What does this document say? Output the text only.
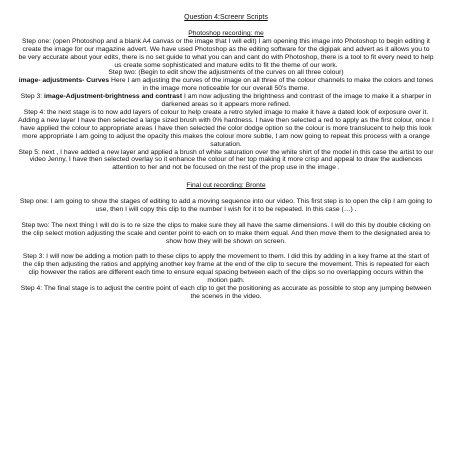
Question 4:Screenr Scripts
Photoshop recording: me

Step one: (open Photoshop and a blank A4 canvas or the image that I will edit) I am opening this image into Photoshop to begin editing it create the image for our magazine advert. We have used Photoshop as the editing software for the digipak and advert as it allows you to be very accurate about your edits, there is no set guide to what you can and cant do with Photoshop, there is a tool to fit every need to help us create some sophisticated and mature edits to fit the theme of our work.

Step two: (Begin to edit show the adjustments of the curves on all three colour)
image- adjustments- Curves Here I am adjusting the curves of the image on all three of the colour channels to make the colors and tones in the image more noticeable for our overall 50's theme.

Step 3: image-Adjustment-brightness and contrast I am now adjusting the brightness and contrast of the image to make it a sharper in darkened areas so it appears more refined.

Step 4: the next stage is to now add layers of colour to help create a retro styled image to make it have a dated look of exposure over it. Adding a new layer I have then selected a large sized brush with 0% hardness. I have then selected a red to apply as the first colour, once I have applied the colour to appropriate areas I have then selected the color dodge option so the colour is more translucent to help this look more appropriate I am going to adjust the opacity this makes the colour more subtle, I am now going to repeat this process with a orange saturation.

Step 5: next , I have added a new layer and applied a brush of white saturation over the white shirt of the model in this case the artist to our video Jenny, I have then selected overlay so it enhance the colour of her top making it more crisp and appeal to draw the audiences attention to her and not be focused on the rest of the prop use in the image .

Final cut recording: Bronte

Step one: I am going to show the stages of editing to add a moving sequence into our video. This first step is to open the clip I am going to use, then I will copy this clip to the number I wish for it to be repeated. In this case (…) .

Step two: The next thing I will do is to re size the clips to make sure they all have the same dimensions. I will do this by double clicking on the clip select motion adjusting the scale and center point to each on to make them equal. And then move them to the designated area to show how they will be shown on screen.

Step 3: I will now be adding a motion path to these clips to apply the movement to them. I did this by adding in a key frame at the start of the clip then adjusting the ratios and applying another key frame at the end of the clip to secure the movement. This is repeated for each clip however the ratios are different each time to ensure equal spacing between each of the clips so no overlapping occurs within the motion path.

Step 4: The final stage is to adjust the centre point of each clip to get the positioning as accurate as possible to stop any jumping between the scenes in the video.
